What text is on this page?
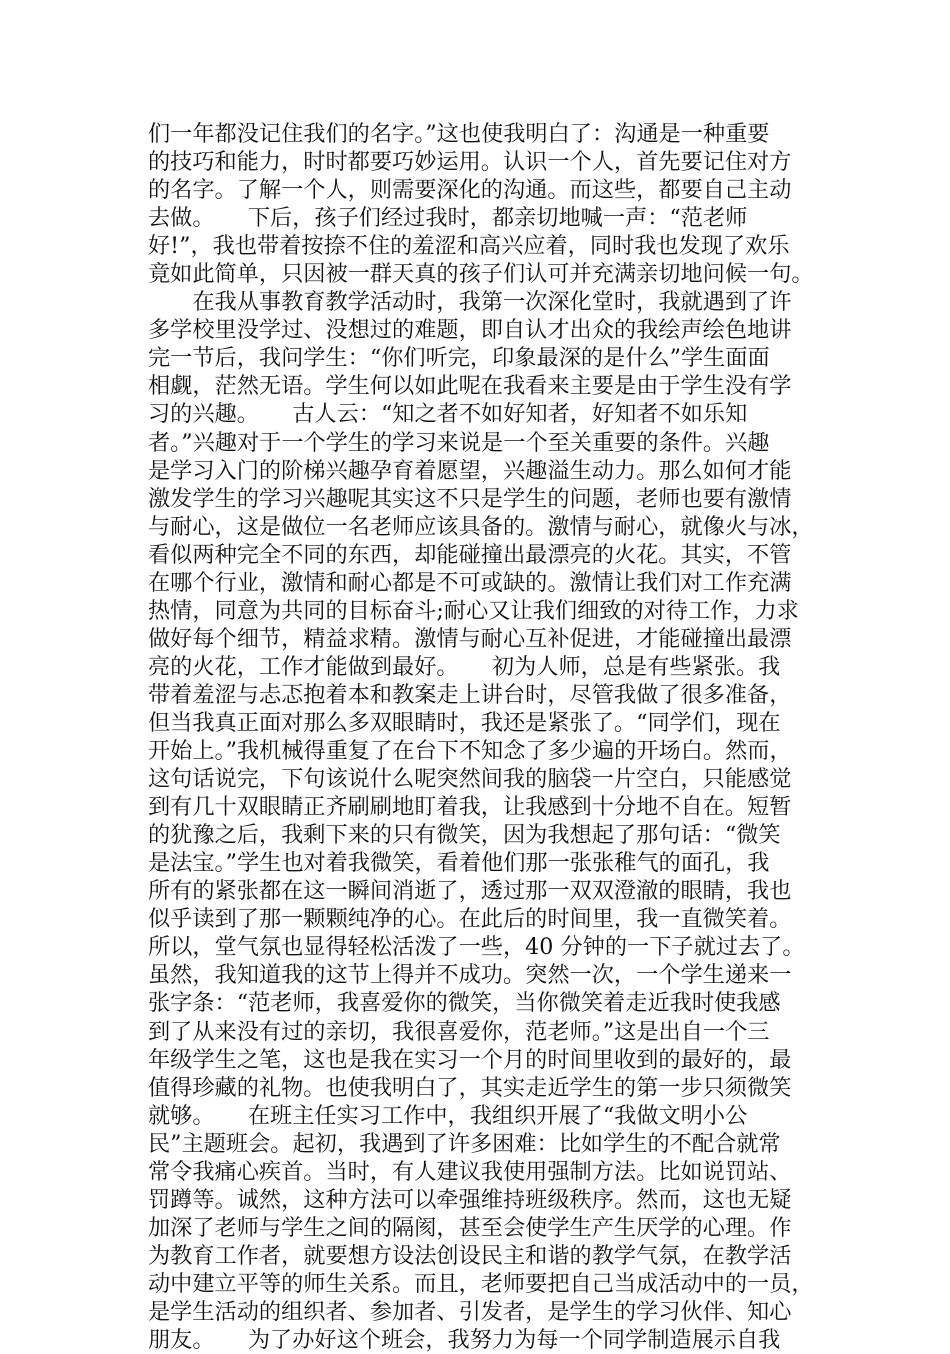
们一年都没记住我们的名字。”这也使我明白了：沟通是一种重要
的技巧和能力，时时都要巧妙运用。认识一个人，首先要记住对方
的名字。了解一个人，则需要深化的沟通。而这些，都要自己主动
去做。　　下后，孩子们经过我时，都亲切地喊一声：“范老师
好!”，我也带着按捺不住的羞涩和高兴应着，同时我也发现了欢乐
竟如此简单，只因被一群天真的孩子们认可并充满亲切地问候一句。
　　在我从事教育教学活动时，我第一次深化堂时，我就遇到了许
多学校里没学过、没想过的难题，即自认才出众的我绘声绘色地讲
完一节后，我问学生：“你们听完，印象最深的是什么”学生面面
相觑，茫然无语。学生何以如此呢在我看来主要是由于学生没有学
习的兴趣。　　古人云：“知之者不如好知者，好知者不如乐知
者。”兴趣对于一个学生的学习来说是一个至关重要的条件。兴趣
是学习入门的阶梯兴趣孕育着愿望，兴趣溢生动力。那么如何才能
激发学生的学习兴趣呢其实这不只是学生的问题，老师也要有激情
与耐心，这是做位一名老师应该具备的。激情与耐心，就像火与冰，
看似两种完全不同的东西，却能碰撞出最漂亮的火花。其实，不管
在哪个行业，激情和耐心都是不可或缺的。激情让我们对工作充满
热情，同意为共同的目标奋斗;耐心又让我们细致的对待工作，力求
做好每个细节，精益求精。激情与耐心互补促进，才能碰撞出最漂
亮的火花，工作才能做到最好。　　初为人师，总是有些紧张。我
带着羞涩与忐忑抱着本和教案走上讲台时，尽管我做了很多准备，
但当我真正面对那么多双眼睛时，我还是紧张了。“同学们，现在
开始上。”我机械得重复了在台下不知念了多少遍的开场白。然而，
这句话说完，下句该说什么呢突然间我的脑袋一片空白，只能感觉
到有几十双眼睛正齐刷刷地盯着我，让我感到十分地不自在。短暂
的犹豫之后，我剩下来的只有微笑，因为我想起了那句话：“微笑
是法宝。”学生也对着我微笑，看着他们那一张张稚气的面孔，我
所有的紧张都在这一瞬间消逝了，透过那一双双澄澈的眼睛，我也
似乎读到了那一颗颗纯净的心。在此后的时间里，我一直微笑着。
所以，堂气氛也显得轻松活泼了一些，40 分钟的一下子就过去了。
虽然，我知道我的这节上得并不成功。突然一次，一个学生递来一
张字条：“范老师，我喜爱你的微笑，当你微笑着走近我时使我感
到了从来没有过的亲切，我很喜爱你，范老师。”这是出自一个三
年级学生之笔，这也是我在实习一个月的时间里收到的最好的，最
值得珍藏的礼物。也使我明白了，其实走近学生的第一步只须微笑
就够。　　在班主任实习工作中，我组织开展了“我做文明小公
民”主题班会。起初，我遇到了许多困难：比如学生的不配合就常
常令我痛心疾首。当时，有人建议我使用强制方法。比如说罚站、
罚蹲等。诚然，这种方法可以牵强维持班级秩序。然而，这也无疑
加深了老师与学生之间的隔阂，甚至会使学生产生厌学的心理。作
为教育工作者，就要想方设法创设民主和谐的教学气氛，在教学活
动中建立平等的师生关系。而且，老师要把自己当成活动中的一员，
是学生活动的组织者、参加者、引发者，是学生的学习伙伴、知心
朋友。　　为了办好这个班会，我努力为每一个同学制造展示自我
